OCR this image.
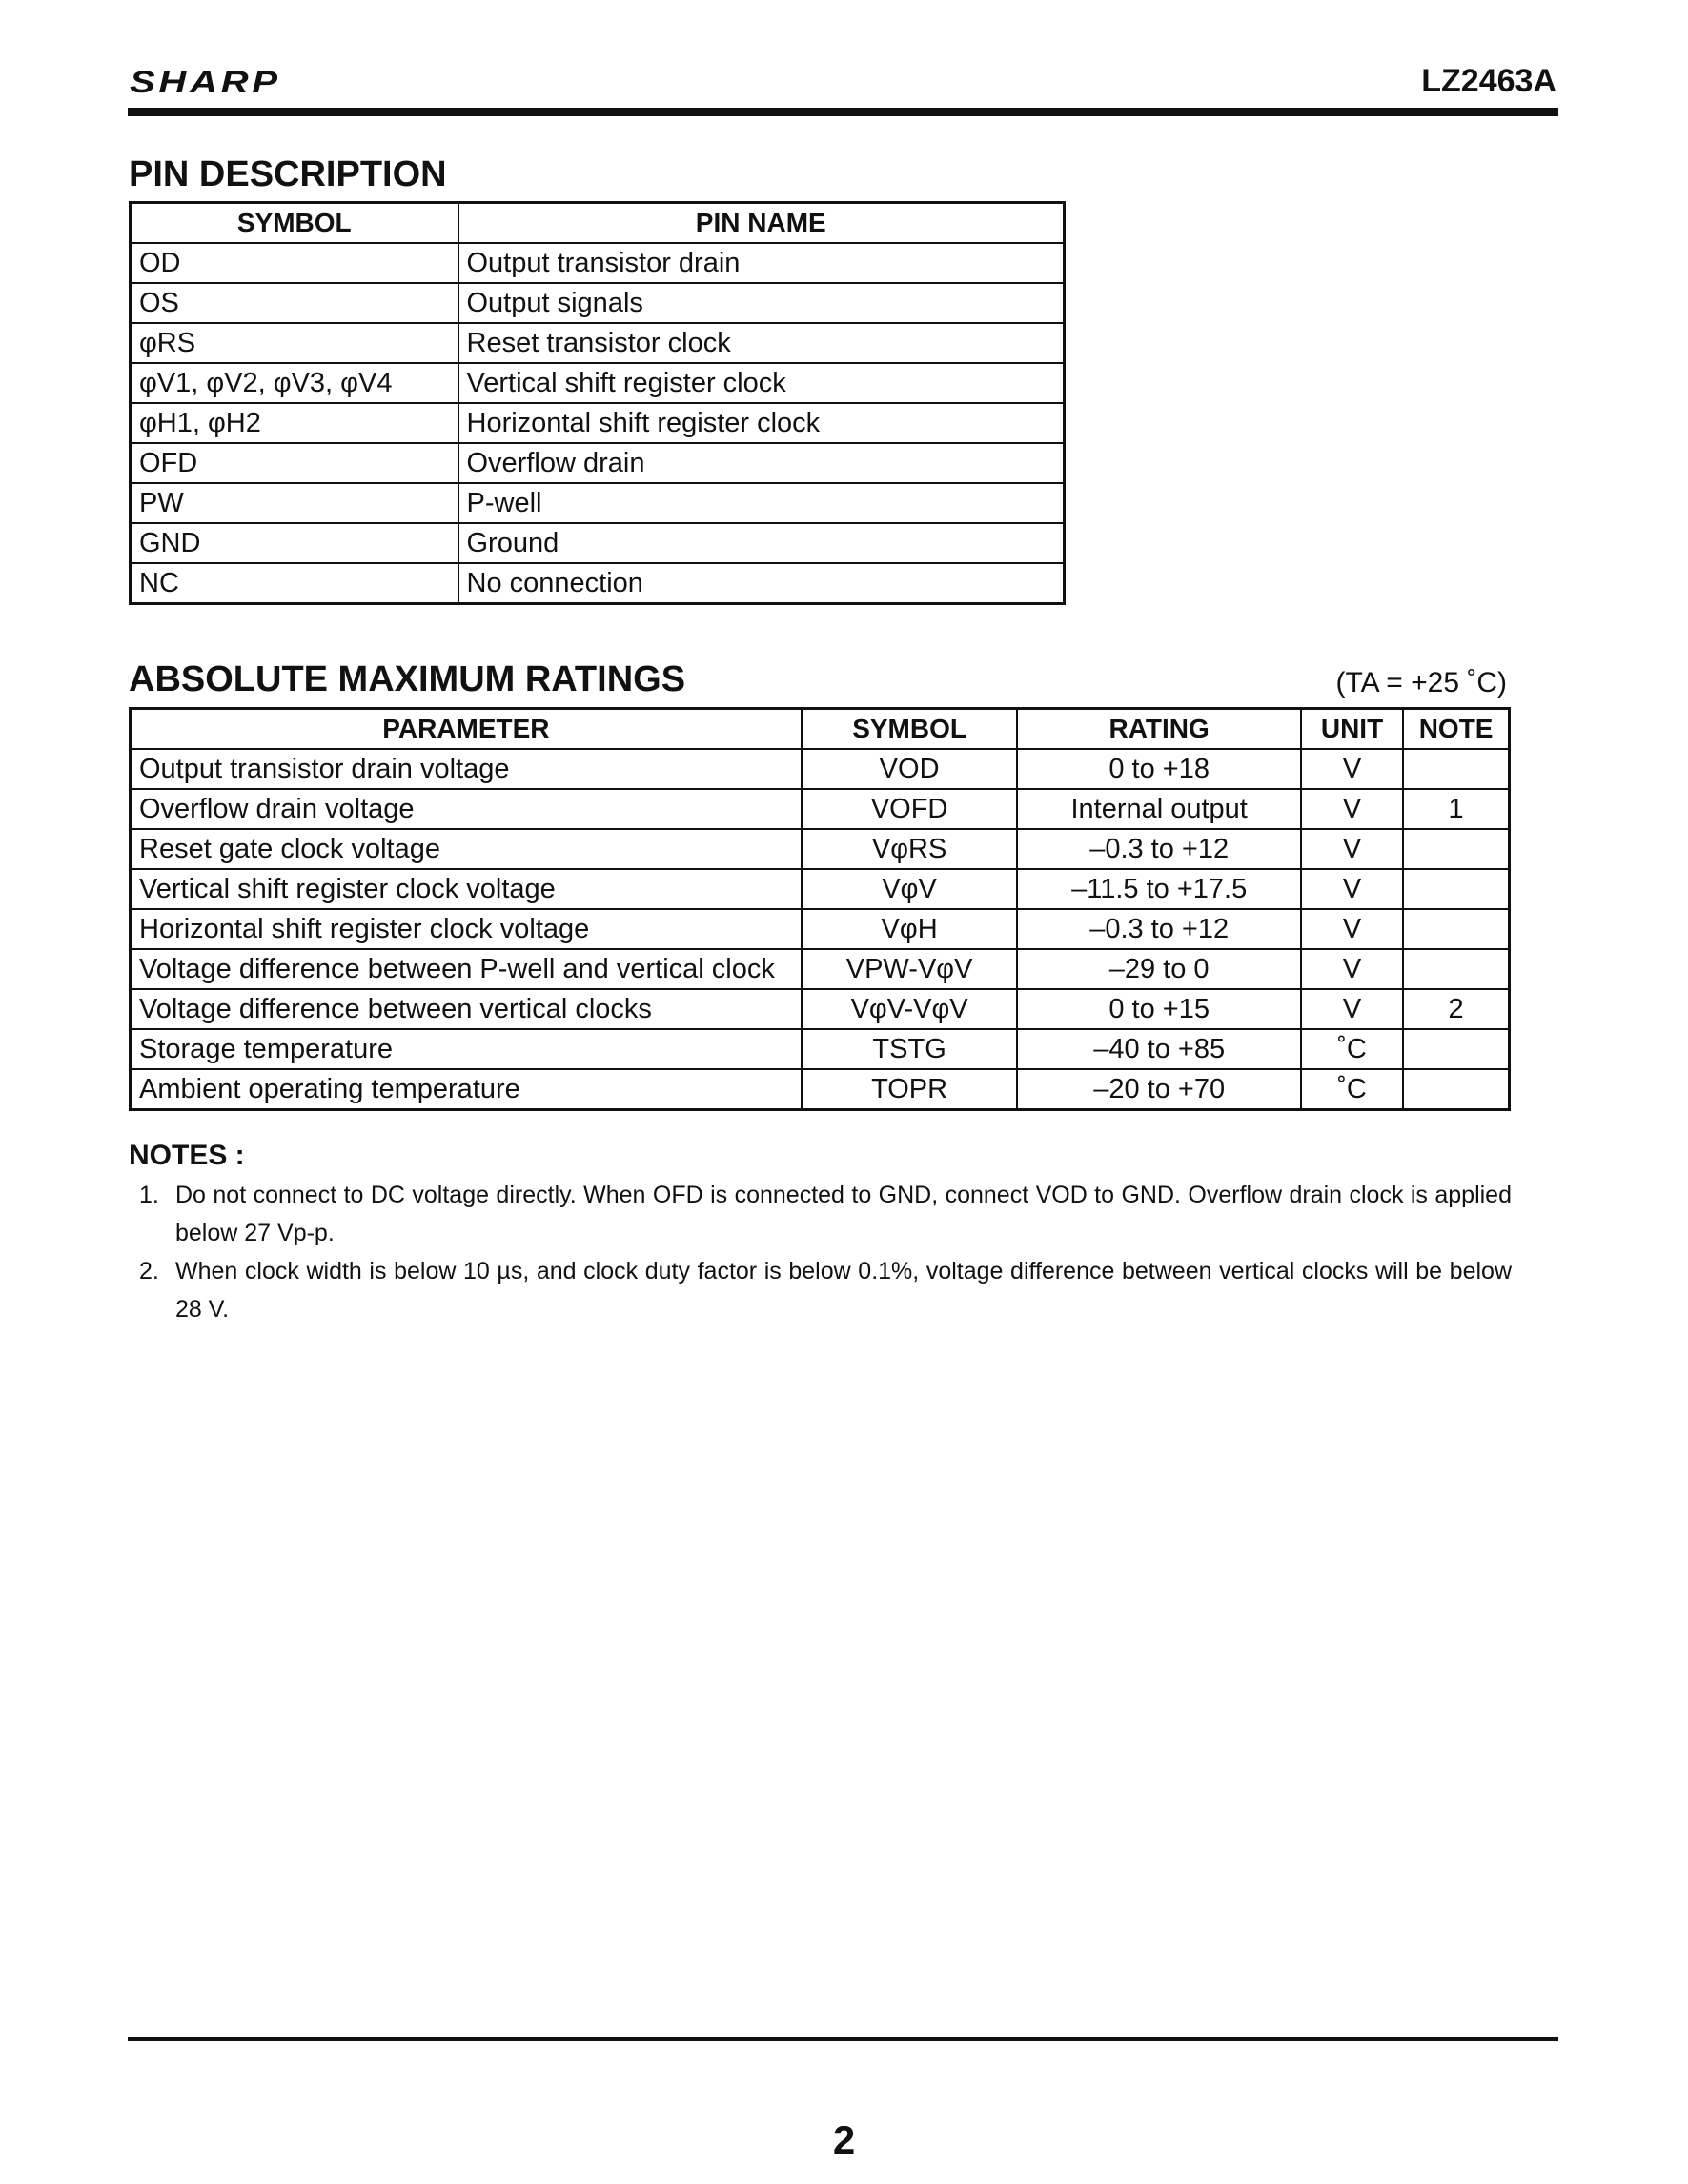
SHARP	LZ2463A
PIN DESCRIPTION
SYMBOL	PIN NAME
OD	Output transistor drain
OS	Output signals
φRS	Reset transistor clock
φV1, φV2, φV3, φV4	Vertical shift register clock
φH1, φH2	Horizontal shift register clock
OFD	Overflow drain
PW	P-well
GND	Ground
NC	No connection
ABSOLUTE MAXIMUM RATINGS	(TA = +25 ˚C)
PARAMETER	SYMBOL	RATING	UNIT	NOTE
Output transistor drain voltage	VOD	0 to +18	V	
Overflow drain voltage	VOFD	Internal output	V	1
Reset gate clock voltage	VφRS	–0.3 to +12	V	
Vertical shift register clock voltage	VφV	–11.5 to +17.5	V	
Horizontal shift register clock voltage	VφH	–0.3 to +12	V	
Voltage difference between P-well and vertical clock	VPW-VφV	–29 to 0	V	
Voltage difference between vertical clocks	VφV-VφV	0 to +15	V	2
Storage temperature	TSTG	–40 to +85	˚C	
Ambient operating temperature	TOPR	–20 to +70	˚C	
NOTES :
1. Do not connect to DC voltage directly. When OFD is connected to GND, connect VOD to GND. Overflow drain clock is applied below 27 Vp-p.
2. When clock width is below 10 µs, and clock duty factor is below 0.1%, voltage difference between vertical clocks will be below 28 V.
2
